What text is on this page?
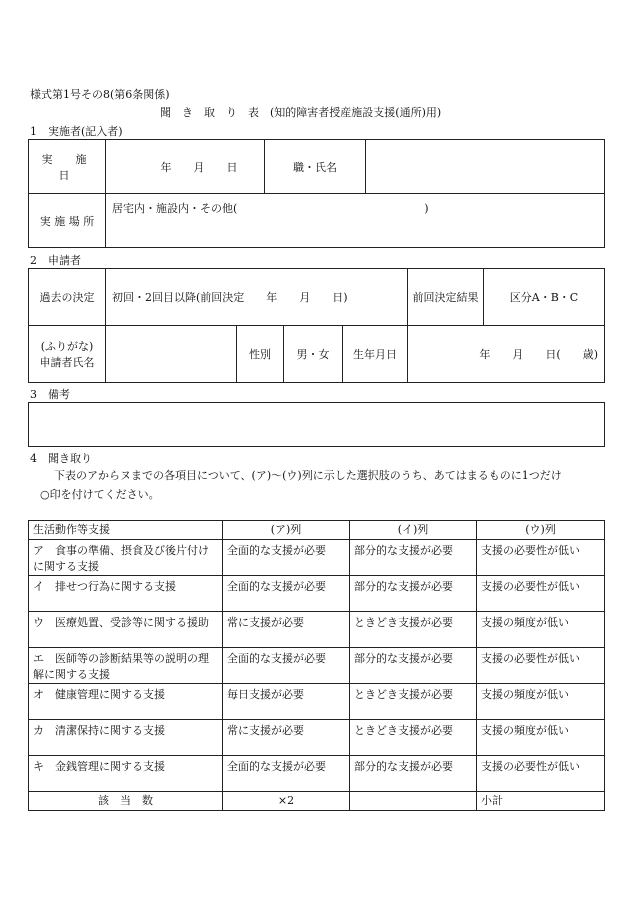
様式第1号その8(第6条関係)
聞　き　取　り　表　(知的障害者授産施設支援(通所)用)
1　実施者(記入者)
実　施　日	年　　月　　日	職・氏名	
実 施 場 所	居宅内・施設内・その他(　　　　　　　　　　　　　　　　　)		
2　申請者
過去の決定	初回・2回目以降(前回決定　　年　　月　　日)				前回決定結果	区分A・B・C

(ふりがな)
申請者氏名		性別	男・女	生年月日	年　　月　　日(　　歳)	
3　備考
4　聞き取り
下表のアからヌまでの各項目について、(ア)～(ウ)列に示した選択肢のうち、あてはまるものに1つだけ
○印を付けてください。
生活動作等支援	(ア)列	(イ)列	(ウ)列
ア　食事の準備、摂食及び後片付けに関する支援	全面的な支援が必要	部分的な支援が必要	支援の必要性が低い
イ　排せつ行為に関する支援	全面的な支援が必要	部分的な支援が必要	支援の必要性が低い
ウ　医療処置、受診等に関する援助	常に支援が必要	ときどき支援が必要	支援の頻度が低い
エ　医師等の診断結果等の説明の理解に関する支援	全面的な支援が必要	部分的な支援が必要	支援の必要性が低い
オ　健康管理に関する支援	毎日支援が必要	ときどき支援が必要	支援の頻度が低い
カ　清潔保持に関する支援	常に支援が必要	ときどき支援が必要	支援の頻度が低い
キ　金銭管理に関する支援	全面的な支援が必要	部分的な支援が必要	支援の必要性が低い
該　当　数	×2		小計
